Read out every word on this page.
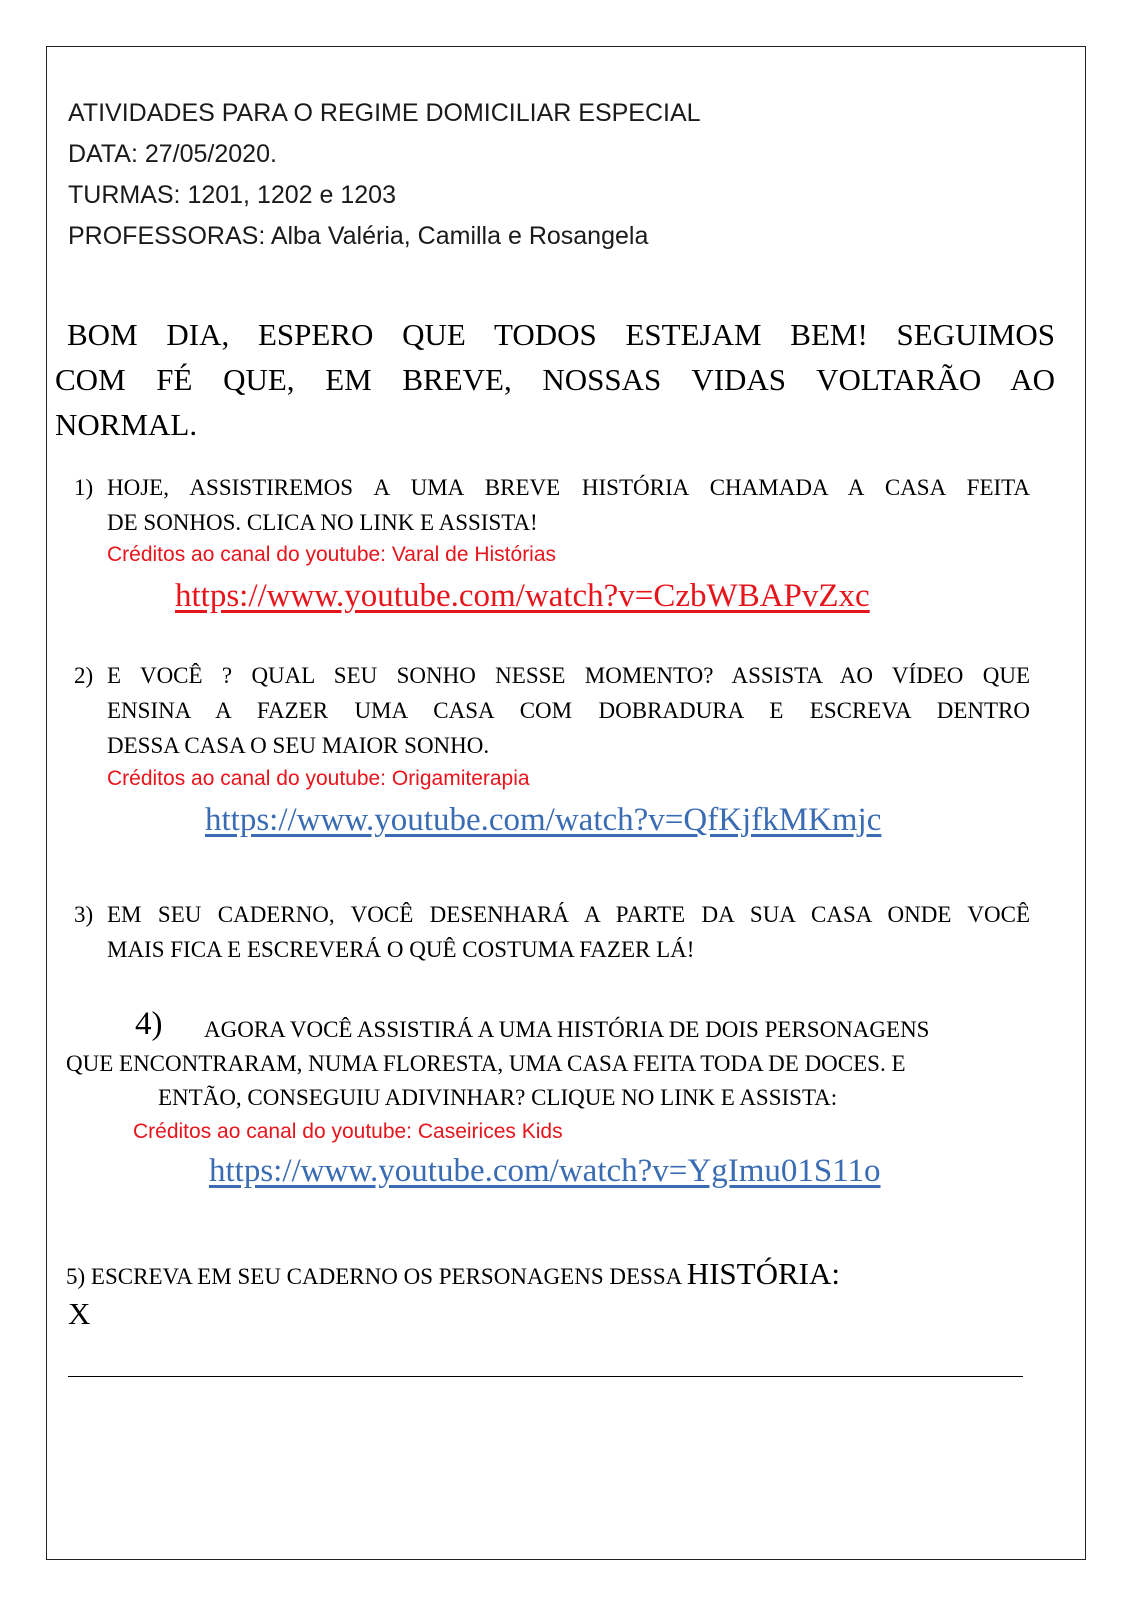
ATIVIDADES PARA O REGIME DOMICILIAR ESPECIAL
DATA: 27/05/2020.
TURMAS: 1201, 1202 e 1203
PROFESSORAS: Alba Valéria, Camilla e Rosangela
BOM DIA, ESPERO QUE TODOS ESTEJAM BEM! SEGUIMOS
COM FÉ QUE, EM BREVE, NOSSAS VIDAS VOLTARÃO AO
NORMAL.
1) HOJE, ASSISTIREMOS A UMA BREVE HISTÓRIA CHAMADA A CASA FEITA
DE SONHOS. CLICA NO LINK E ASSISTA!
Créditos ao canal do youtube: Varal de Histórias
https://www.youtube.com/watch?v=CzbWBAPvZxc
2) E VOCÊ ? QUAL SEU SONHO NESSE MOMENTO? ASSISTA AO VÍDEO QUE
ENSINA A FAZER UMA CASA COM DOBRADURA E ESCREVA DENTRO
DESSA CASA O SEU MAIOR SONHO.
Créditos ao canal do youtube: Origamiterapia
https://www.youtube.com/watch?v=QfKjfkMKmjc
3) EM SEU CADERNO, VOCÊ DESENHARÁ A PARTE DA SUA CASA ONDE VOCÊ
MAIS FICA E ESCREVERÁ O QUÊ COSTUMA FAZER LÁ!
4) AGORA VOCÊ ASSISTIRÁ A UMA HISTÓRIA DE DOIS PERSONAGENS
QUE ENCONTRARAM, NUMA FLORESTA, UMA CASA FEITA TODA DE DOCES. E
ENTÃO, CONSEGUIU ADIVINHAR? CLIQUE NO LINK E ASSISTA:
Créditos ao canal do youtube: Caseirices Kids
https://www.youtube.com/watch?v=YgImu01S11o
5) ESCREVA EM SEU CADERNO OS PERSONAGENS DESSA HISTÓRIA:
X
